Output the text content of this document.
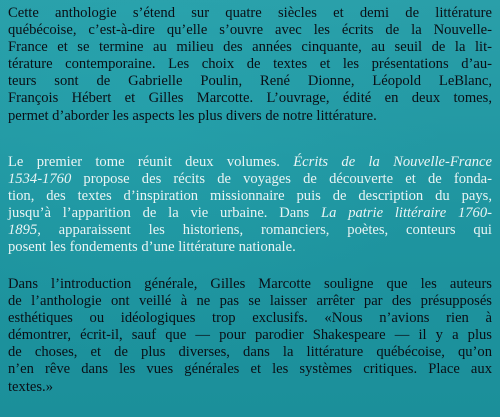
Cette anthologie s’étend sur quatre siècles et demi de littérature
québécoise, c’est-à-dire qu’elle s’ouvre avec les écrits de la Nouvelle-
France et se termine au milieu des années cinquante, au seuil de la lit-
térature contemporaine. Les choix de textes et les présentations d’au-
teurs sont de Gabrielle Poulin, René Dionne, Léopold LeBlanc,
François Hébert et Gilles Marcotte. L’ouvrage, édité en deux tomes,
permet d’aborder les aspects les plus divers de notre littérature.

Le premier tome réunit deux volumes. Écrits de la Nouvelle-France
1534-1760 propose des récits de voyages de découverte et de fonda-
tion, des textes d’inspiration missionnaire puis de description du pays,
jusqu’à l’apparition de la vie urbaine. Dans La patrie littéraire 1760-
1895, apparaissent les historiens, romanciers, poètes, conteurs qui
posent les fondements d’une littérature nationale.

Dans l’introduction générale, Gilles Marcotte souligne que les auteurs
de l’anthologie ont veillé à ne pas se laisser arrêter par des présupposés
esthétiques ou idéologiques trop exclusifs. «Nous n’avions rien à
démontrer, écrit-il, sauf que — pour parodier Shakespeare — il y a plus
de choses, et de plus diverses, dans la littérature québécoise, qu’on
n’en rêve dans les vues générales et les systèmes critiques. Place aux
textes.»
